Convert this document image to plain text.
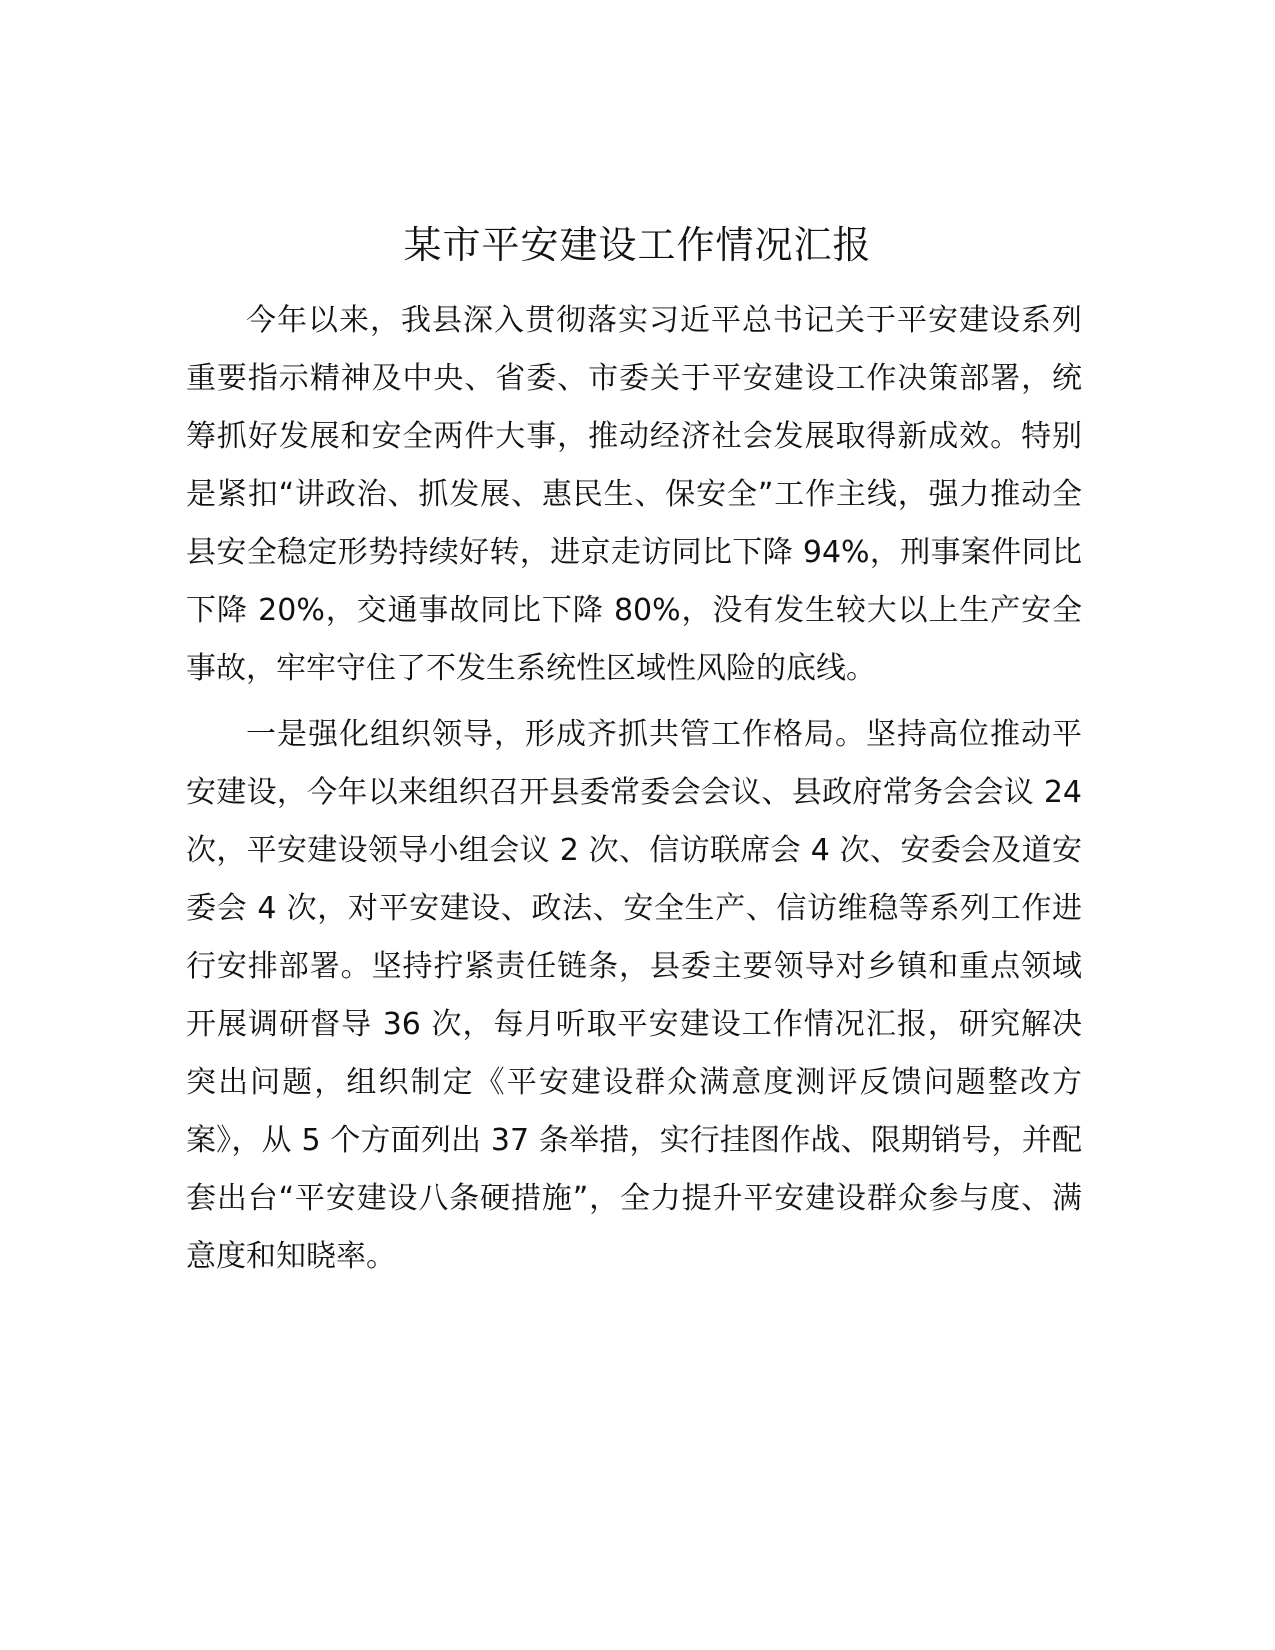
某市平安建设工作情况汇报

今年以来，我县深入贯彻落实习近平总书记关于平安建设系列重要指示精神及中央、省委、市委关于平安建设工作决策部署，统筹抓好发展和安全两件大事，推动经济社会发展取得新成效。特别是紧扣“讲政治、抓发展、惠民生、保安全”工作主线，强力推动全县安全稳定形势持续好转，进京走访同比下降 94%，刑事案件同比下降 20%，交通事故同比下降 80%，没有发生较大以上生产安全事故，牢牢守住了不发生系统性区域性风险的底线。

一是强化组织领导，形成齐抓共管工作格局。坚持高位推动平安建设，今年以来组织召开县委常委会会议、县政府常务会会议 24 次，平安建设领导小组会议 2 次、信访联席会 4 次、安委会及道安委会 4 次，对平安建设、政法、安全生产、信访维稳等系列工作进行安排部署。坚持拧紧责任链条，县委主要领导对乡镇和重点领域开展调研督导 36 次，每月听取平安建设工作情况汇报，研究解决突出问题，组织制定《平安建设群众满意度测评反馈问题整改方案》，从 5 个方面列出 37 条举措，实行挂图作战、限期销号，并配套出台“平安建设八条硬措施”，全力提升平安建设群众参与度、满意度和知晓率。
